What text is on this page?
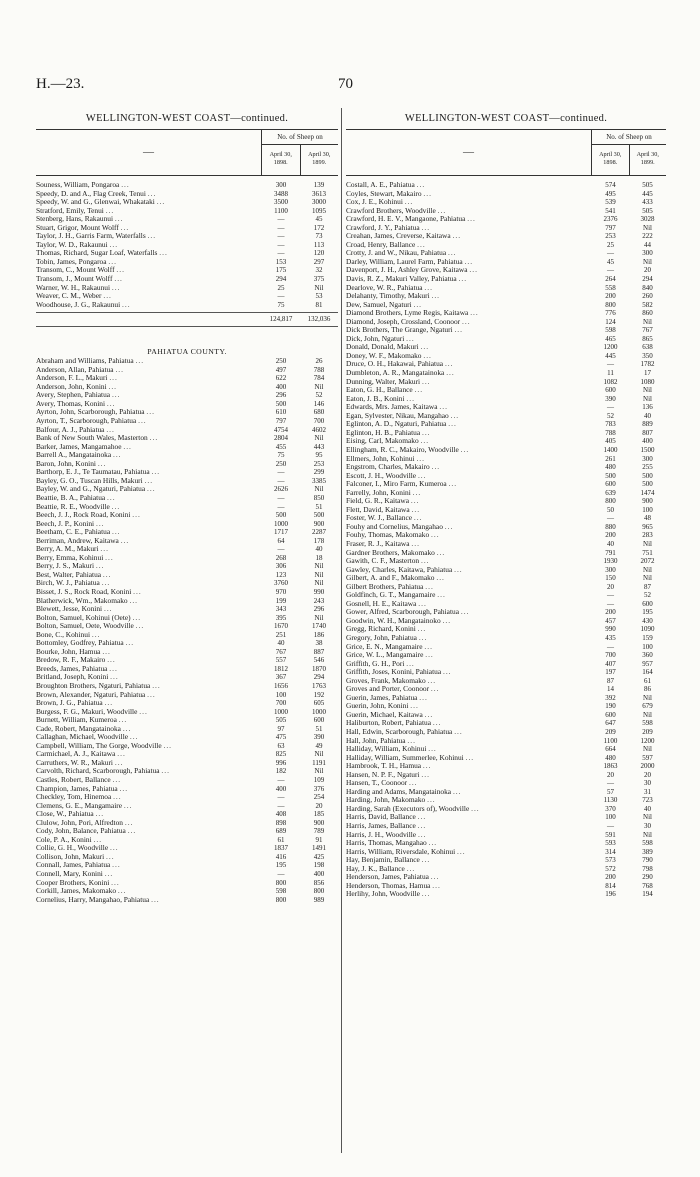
H.—23.	70
WELLINGTON-WEST COAST—continued.
—
No. of Sheep on
April 30,
1898.
April 30,
1899.
Souness, William, Pongaroa ...	300	139
Speedy, D. and A., Flag Creek, Tenui ...	3488	3613
Speedy, W. and G., Glenwai, Whakataki ...	3500	3000
Stratford, Emily, Tenui ...	1100	1095
Stenberg, Hans, Rakaunui ...	—	45
Stuart, Grigor, Mount Wolff ...	—	172
Taylor, J. H., Garris Farm, Waterfalls ...	—	73
Taylor, W. D., Rakaunui ...	—	113
Thomas, Richard, Sugar Loaf, Waterfalls ...	—	120
Tobin, James, Pongaroa ...	153	297
Transom, C., Mount Wolff ...	175	32
Transom, J., Mount Wolff ...	294	375
Warner, W. H., Rakaunui ...	25	Nil
Weaver, C. M., Weber ...	—	53
Woodhouse, J. G., Rakaunui ...	75	81
124,817	132,036
PAHIATUA COUNTY.
Abraham and Williams, Pahiatua ...	250	26
Anderson, Allan, Pahiatua ...	497	788
Anderson, F. L., Makuri ...	622	784
Anderson, John, Konini ...	400	Nil
Avery, Stephen, Pahiatua ...	296	52
Avery, Thomas, Konini ...	500	146
Ayrton, John, Scarborough, Pahiatua ...	610	680
Ayrton, T., Scarborough, Pahiatua ...	797	700
Balfour, A. J., Pahiatua ...	4754	4602
Bank of New South Wales, Masterton ...	2804	Nil
Barker, James, Mangamahoe ...	455	443
Barrell A., Mangatainoka ...	75	95
Baron, John, Konini ...	250	253
Barthorp, E. J., Te Taumatau, Pahiatua ...	—	299
Bayley, G. O., Tuscan Hills, Makuri ...	—	3385
Bayley, W. and G., Ngaturi, Pahiatua ...	2626	Nil
Beattie, B. A., Pahiatua ...	—	850
Beattie, R. E., Woodville ...	—	51
Beech, J. J., Rock Road, Konini ...	500	500
Beech, J. P., Konini ...	1000	900
Beetham, C. E., Pahiatua ...	1717	2287
Berriman, Andrew, Kaitawa ...	64	178
Berry, A. M., Makuri ...	—	40
Berry, Emma, Kohinui ...	268	18
Berry, J. S., Makuri ...	306	Nil
Best, Walter, Pahiatua ...	123	Nil
Birch, W. J., Pahiatua ...	3760	Nil
Bisset, J. S., Rock Road, Konini ...	970	990
Blatherwick, Wm., Makomako ...	199	243
Blewett, Jesse, Konini ...	343	296
Bolton, Samuel, Kohinui (Oete) ...	395	Nil
Bolton, Samuel, Oete, Woodville ...	1670	1740
Bone, C., Kohinui ...	251	186
Bottomley, Godfrey, Pahiatua ...	40	38
Bourke, John, Hamua ...	767	887
Bredow, R. F., Makairo ...	557	546
Breeds, James, Pahiatua ...	1812	1870
Britland, Joseph, Konini ...	367	294
Broughton Brothers, Ngaturi, Pahiatua ...	1656	1763
Brown, Alexander, Ngaturi, Pahiatua ...	100	192
Brown, J. G., Pahiatua ...	700	605
Burgess, F. G., Makuri, Woodville ...	1000	1000
Burnett, William, Kumeroa ...	505	600
Cade, Robert, Mangatainoka ...	97	51
Callaghan, Michael, Woodville ...	475	390
Campbell, William, The Gorge, Woodville ...	63	49
Carmichael, A. J., Kaitawa ...	825	Nil
Carruthers, W. R., Makuri ...	996	1191
Carvolth, Richard, Scarborough, Pahiatua ...	182	Nil
Castles, Robert, Ballance ...	—	109
Champion, James, Pahiatua ...	400	376
Checkley, Tom, Hinemoa ...	—	254
Clemens, G. E., Mangamaire ...	—	20
Close, W., Pahiatua ...	408	185
Clulow, John, Pori, Alfredton ...	898	900
Cody, John, Balance, Pahiatua ...	689	789
Cole, P. A., Konini ...	61	91
Collie, G. H., Woodville ...	1837	1491
Collison, John, Makuri ...	416	425
Connall, James, Pahiatua ...	195	198
Connell, Mary, Konini ...	—	400
Cooper Brothers, Konini ...	800	856
Corkill, James, Makomako ...	598	800
Cornelius, Harry, Mangahao, Pahiatua ...	800	989
WELLINGTON-WEST COAST—continued.
—
No. of Sheep on
April 30,
1898.
April 30,
1899.
Costall, A. E., Pahiatua ...	574	505
Coyles, Stewart, Makairo ...	495	445
Cox, J. E., Kohinui ...	539	433
Crawford Brothers, Woodville ...	541	505
Crawford, H. E. V., Mangaone, Pahiatua ...	2376	3028
Crawford, J. Y., Pahiatua ...	797	Nil
Creahan, James, Creverse, Kaitawa ...	253	222
Croad, Henry, Ballance ...	25	44
Crotty, J. and W., Nikau, Pahiatua ...	—	300
Darley, William, Laurel Farm, Pahiatua ...	45	Nil
Davenport, J. H., Ashley Grove, Kaitawa ...	—	20
Davis, R. Z., Makuri Valley, Pahiatua ...	264	294
Dearlove, W. R., Pahiatua ...	558	840
Delahanty, Timothy, Makuri ...	200	260
Dew, Samuel, Ngaturi ...	800	582
Diamond Brothers, Lyme Regis, Kaitawa ...	776	860
Diamond, Joseph, Crossland, Coonoor ...	124	Nil
Dick Brothers, The Grange, Ngaturi ...	598	767
Dick, John, Ngaturi ...	465	865
Donald, Donald, Makuri ...	1200	638
Doney, W. F., Makomako ...	445	350
Druce, O. H., Hakawai, Pahiatua ...	—	1782
Dumbleton, A. R., Mangatainoka ...	11	17
Dunning, Walter, Makuri ...	1082	1080
Eaton, G. H., Ballance ...	600	Nil
Eaton, J. B., Konini ...	390	Nil
Edwards, Mrs. James, Kaitawa ...	—	136
Egan, Sylvester, Nikau, Mangahao ...	52	40
Eglinton, A. D., Ngaturi, Pahiatua ...	783	889
Eglinton, H. B., Pahiatua ...	788	807
Eising, Carl, Makomako ...	405	400
Ellingham, R. C., Makairo, Woodville ...	1400	1500
Ellmers, John, Kohinui ...	261	300
Engstrom, Charles, Makairo ...	480	255
Escott, J. H., Woodville ...	500	500
Falconer, I., Miro Farm, Kumeroa ...	600	500
Farrelly, John, Konini ...	639	1474
Field, G. R., Kaitawa ...	800	900
Flett, David, Kaitawa ...	50	100
Foster, W. J., Ballance ...	—	48
Fouhy and Cornelius, Mangahao ...	880	965
Fouhy, Thomas, Makomako ...	200	283
Fraser, R. J., Kaitawa ...	40	Nil
Gardner Brothers, Makomako ...	791	751
Gawith, C. F., Masterton ...	1930	2072
Gawley, Charles, Kaitawa, Pahiatua ...	300	Nil
Gilbert, A. and F., Makomako ...	150	Nil
Gilbert Brothers, Pahiatua ...	20	87
Goldfinch, G. T., Mangamaire ...	—	52
Gosnell, H. E., Kaitawa ...	—	600
Gower, Alfred, Scarborough, Pahiatua ...	200	195
Goodwin, W. H., Mangatainoko ...	457	430
Gregg, Richard, Konini ...	990	1090
Gregory, John, Pahiatua ...	435	159
Grice, E. N., Mangamaire ...	—	100
Grice, W. L., Mangamaire ...	700	360
Griffith, G. H., Pori ...	407	957
Griffith, Joses, Konini, Pahiatua ...	197	164
Groves, Frank, Makomako ...	87	61
Groves and Porter, Coonoor ...	14	86
Guerin, James, Pahiatua ...	392	Nil
Guerin, John, Konini ...	190	679
Guerin, Michael, Kaitawa ...	600	Nil
Haliburton, Robert, Pahiatua ...	647	598
Hall, Edwin, Scarborough, Pahiatua ...	209	209
Hall, John, Pahiatua ...	1100	1200
Halliday, William, Kohinui ...	664	Nil
Halliday, William, Summerlee, Kohinui ...	480	597
Hambrook, T. H., Hamua ...	1863	2000
Hansen, N. P. F., Ngaturi ...	20	20
Hansen, T., Coonoor ...	—	30
Harding and Adams, Mangatainoka ...	57	31
Harding, John, Makomako ...	1130	723
Harding, Sarah (Executors of), Woodville ...	370	40
Harris, David, Ballance ...	100	Nil
Harris, James, Ballance ...	—	30
Harris, J. H., Woodville ...	591	Nil
Harris, Thomas, Mangahao ...	593	598
Harris, William, Riversdale, Kohinui ...	314	389
Hay, Benjamin, Ballance ...	573	790
Hay, J. K., Ballance ...	572	798
Henderson, James, Pahiatua ...	200	290
Henderson, Thomas, Hamua ...	814	768
Herlihy, John, Woodville ...	196	194
